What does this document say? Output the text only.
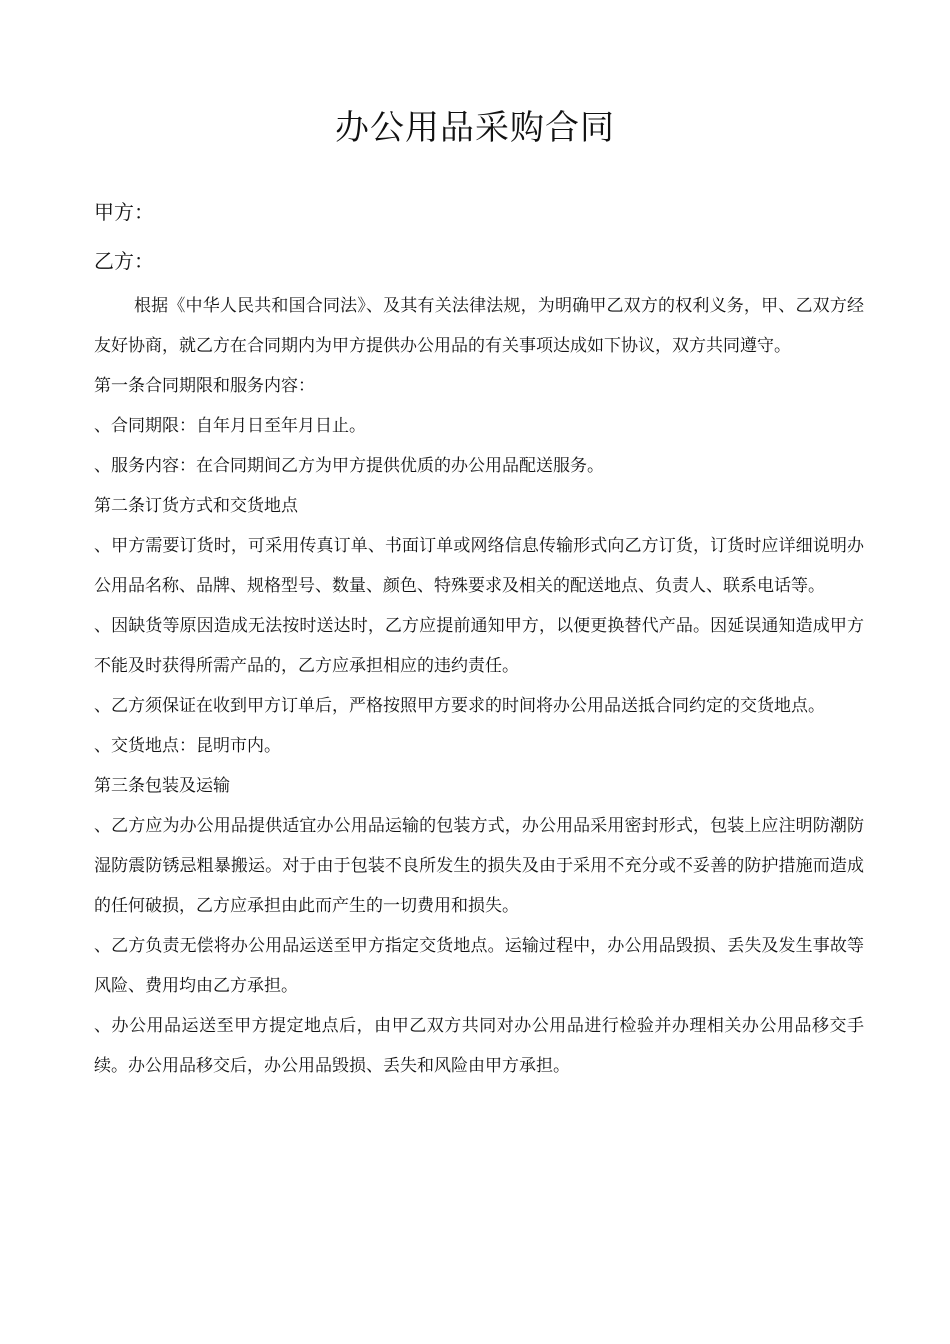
办公用品采购合同
甲方：
乙方：

根据《中华人民共和国合同法》、及其有关法律法规，为明确甲乙双方的权利义务，甲、乙双方经友好协商，就乙方在合同期内为甲方提供办公用品的有关事项达成如下协议，双方共同遵守。

第一条合同期限和服务内容：

、合同期限：自年月日至年月日止。

、服务内容：在合同期间乙方为甲方提供优质的办公用品配送服务。

第二条订货方式和交货地点

、甲方需要订货时，可采用传真订单、书面订单或网络信息传输形式向乙方订货，订货时应详细说明办公用品名称、品牌、规格型号、数量、颜色、特殊要求及相关的配送地点、负责人、联系电话等。

、因缺货等原因造成无法按时送达时，乙方应提前通知甲方，以便更换替代产品。因延误通知造成甲方不能及时获得所需产品的，乙方应承担相应的违约责任。

、乙方须保证在收到甲方订单后，严格按照甲方要求的时间将办公用品送抵合同约定的交货地点。

、交货地点：昆明市内。

第三条包装及运输

、乙方应为办公用品提供适宜办公用品运输的包装方式，办公用品采用密封形式，包装上应注明防潮防湿防震防锈忌粗暴搬运。对于由于包装不良所发生的损失及由于采用不充分或不妥善的防护措施而造成的任何破损，乙方应承担由此而产生的一切费用和损失。

、乙方负责无偿将办公用品运送至甲方指定交货地点。运输过程中，办公用品毁损、丢失及发生事故等风险、费用均由乙方承担。

、办公用品运送至甲方提定地点后，由甲乙双方共同对办公用品进行检验并办理相关办公用品移交手续。办公用品移交后，办公用品毁损、丢失和风险由甲方承担。
